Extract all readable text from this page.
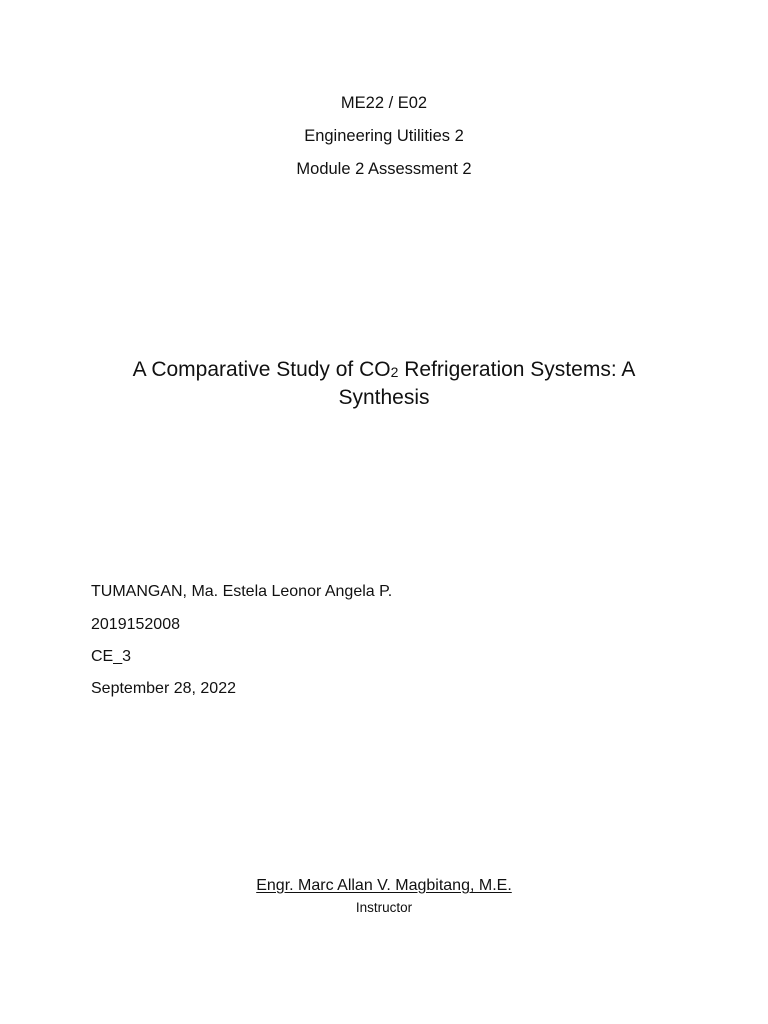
ME22 / E02
Engineering Utilities 2
Module 2 Assessment 2
A Comparative Study of $CO_2$ Refrigeration Systems: A
Synthesis
TUMANGAN, Ma. Estela Leonor Angela P.
2019152008
CE_3
September 28, 2022
Engr. Marc Allan V. Magbitang, M.E.
Instructor
